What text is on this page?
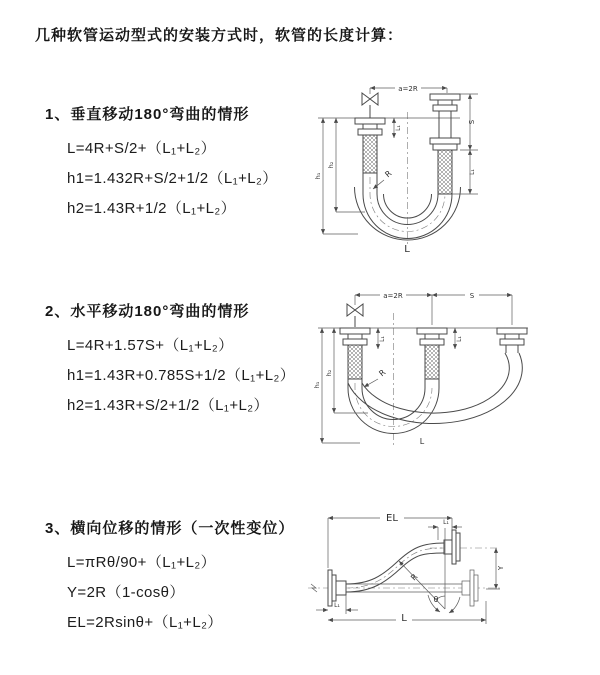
几种软管运动型式的安装方式时，软管的长度计算：

1、垂直移动180°弯曲的情形

L=4R+S/2+（L₁+L₂）

h1=1.432R+S/2+1/2（L₁+L₂）

h2=1.43R+1/2（L₁+L₂）

a=2R
h₁
h₂
L₁
S
L₁
R
L

2、水平移动180°弯曲的情形

L=4R+1.57S+（L₁+L₂）

h1=1.43R+0.785S+1/2（L₁+L₂）

h2=1.43R+S/2+1/2（L₁+L₂）

a=2R	S
h₁
h₂
L₁	L₁
R
L

3、横向位移的情形（一次性变位）

L=πRθ/90+（L₁+L₂）

Y=2R（1-cosθ）

EL=2Rsinθ+（L₁+L₂）

EL	L₁
R
θ
Y
L
L₁
